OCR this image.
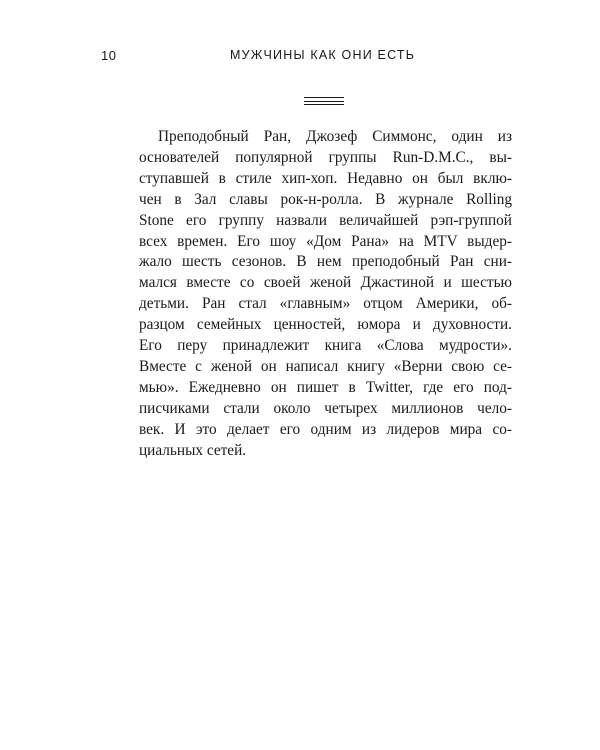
10	МУЖЧИНЫ КАК ОНИ ЕСТЬ
Преподобный Ран, Джозеф Симмонс, один из
основателей популярной группы Run-D.M.C., вы-
ступавшей в стиле хип-хоп. Недавно он был вклю-
чен в Зал славы рок-н-ролла. В журнале Rolling
Stone его группу назвали величайшей рэп-группой
всех времен. Его шоу «Дом Рана» на MTV выдер-
жало шесть сезонов. В нем преподобный Ран сни-
мался вместе со своей женой Джастиной и шестью
детьми. Ран стал «главным» отцом Америки, об-
разцом семейных ценностей, юмора и духовности.
Его перу принадлежит книга «Слова мудрости».
Вместе с женой он написал книгу «Верни свою се-
мью». Ежедневно он пишет в Twitter, где его под-
писчиками стали около четырех миллионов чело-
век. И это делает его одним из лидеров мира со-
циальных сетей.
